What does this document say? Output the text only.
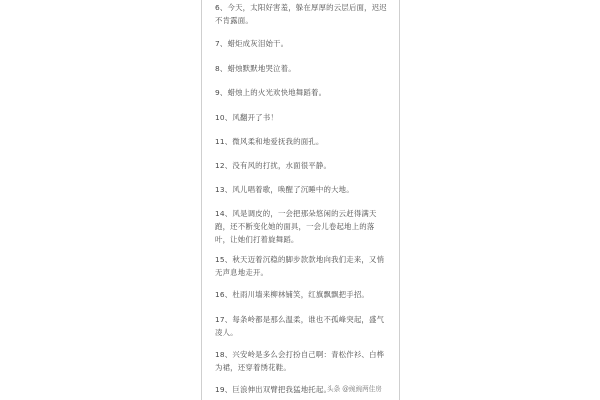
6、今天，太阳好害羞，躲在厚厚的云层后面，迟迟不肯露面。
7、蜡炬成灰泪始干。
8、蜡烛默默地哭泣着。
9、蜡烛上的火光欢快地舞蹈着。
10、风翻开了书！
11、微风柔和地爱抚我的面孔。
12、没有风的打扰，水面很平静。
13、风儿唱着歌，唤醒了沉睡中的大地。
14、风是调皮的，一会把那朵悠闲的云赶得满天跑，还不断变化她的面具，一会儿卷起地上的落叶，让她们打着旋舞蹈。
15、秋天迈着沉稳的脚步款款地向我们走来，又悄无声息地走开。
16、杜雨川墙来柳林铺笑，红旗飘飘把手招。
17、每条岭都是那么温柔，谁也不孤峰突起，盛气凌人。
18、兴安岭是多么会打扮自己啊：青松作衫、白桦为裙，还穿着绣花鞋。
19、巨浪伸出双臂把我猛地托起。
头条 @豌豌两佳房
